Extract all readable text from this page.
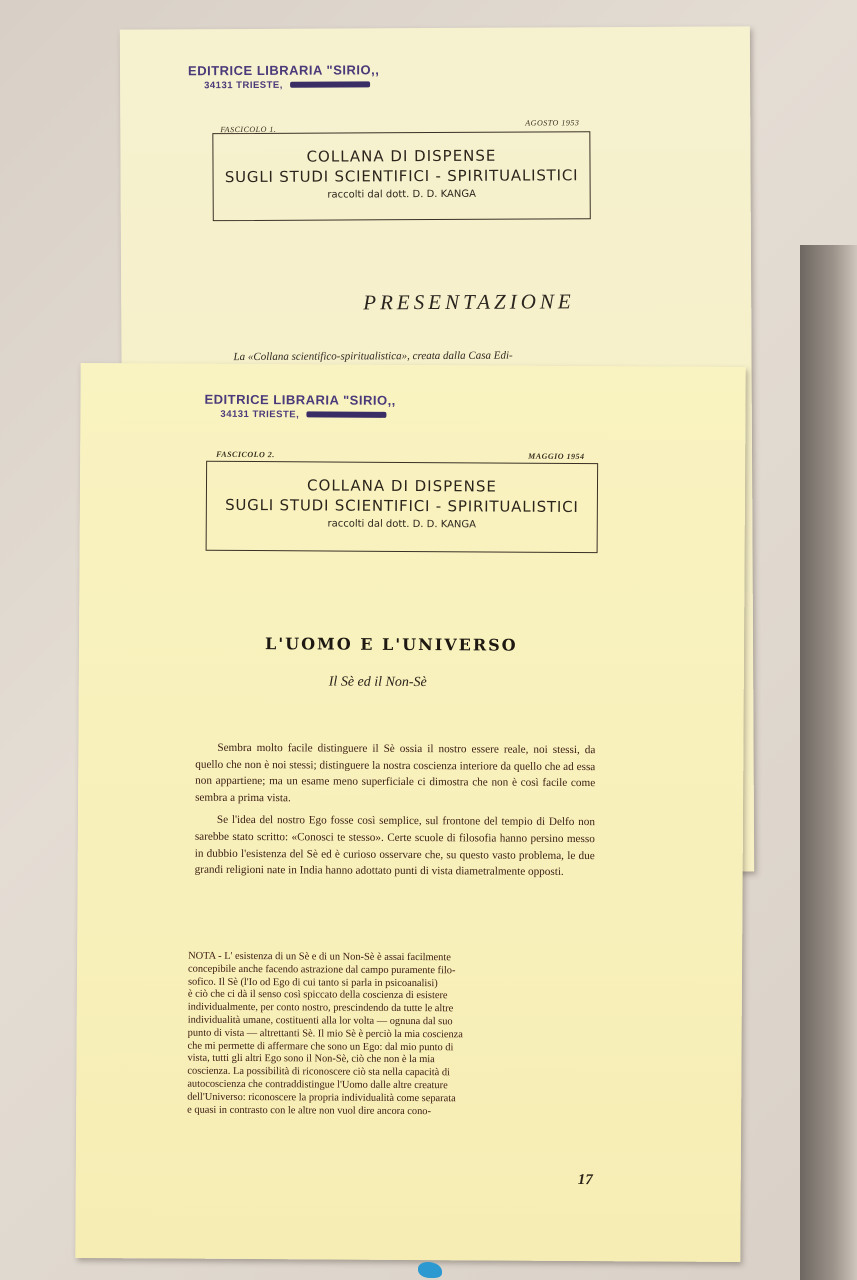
EDITRICE LIBRARIA "SIRIO,,
34131 TRIESTE,
FASCICOLO 1.
AGOSTO 1953
COLLANA DI DISPENSE
SUGLI STUDI SCIENTIFICI - SPIRITUALISTICI
raccolti dal dott. D. D. KANGA
PRESENTAZIONE
La «Collana scientifico-spiritualistica», creata dalla Casa Edi-
EDITRICE LIBRARIA "SIRIO,,
34131 TRIESTE,
FASCICOLO 2.	MAGGIO 1954
COLLANA DI DISPENSE
SUGLI STUDI SCIENTIFICI - SPIRITUALISTICI
raccolti dal dott. D. D. KANGA
L'UOMO E L'UNIVERSO
Il Sè ed il Non-Sè

Sembra molto facile distinguere il Sè ossia il nostro essere reale, noi stessi, da quello che non è noi stessi; distinguere la nostra coscienza interiore da quello che ad essa non appartiene; ma un esame meno superficiale ci dimostra che non è così facile come sembra a prima vista.

Se l'idea del nostro Ego fosse così semplice, sul frontone del tempio di Delfo non sarebbe stato scritto: «Conosci te stesso». Certe scuole di filosofia hanno persino messo in dubbio l'esistenza del Sè ed è curioso osservare che, su questo vasto problema, le due grandi religioni nate in India hanno adottato punti di vista diametralmente opposti.

NOTA - L' esistenza di un Sè e di un Non-Sè è assai facilmente
concepibile anche facendo astrazione dal campo puramente filo-
sofico. Il Sè (l'Io od Ego di cui tanto si parla in psicoanalisi)
è ciò che ci dà il senso così spiccato della coscienza di esistere
individualmente, per conto nostro, prescindendo da tutte le altre
individualità umane, costituenti alla lor volta — ognuna dal suo
punto di vista — altrettanti Sè. Il mio Sè è perciò la mia coscienza
che mi permette di affermare che sono un Ego: dal mio punto di
vista, tutti gli altri Ego sono il Non-Sè, ciò che non è la mia
coscienza. La possibilità di riconoscere ciò sta nella capacità di
autocoscienza che contraddistingue l'Uomo dalle altre creature
dell'Universo: riconoscere la propria individualità come separata
e quasi in contrasto con le altre non vuol dire ancora cono-
17
